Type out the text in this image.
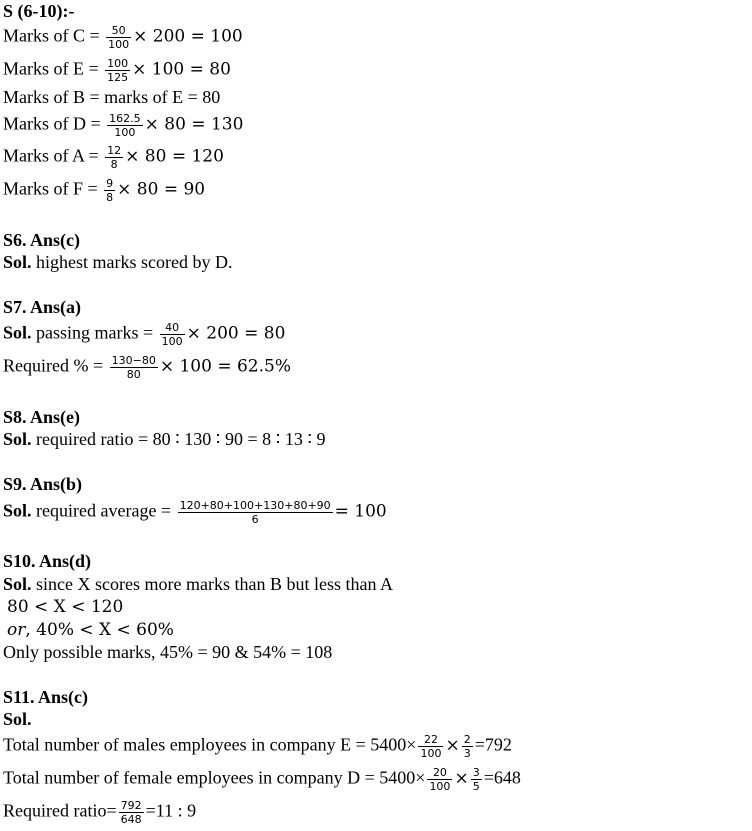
S (6-10):-
Marks of $C = \frac{50}{100} \times 200 = 100$
Marks of $E = \frac{100}{125} \times 100 = 80$
Marks of B = marks of E = 80
Marks of $D = \frac{162.5}{100} \times 80 = 130$
Marks of $A = \frac{12}{8} \times 80 = 120$
Marks of $F = \frac{9}{8} \times 80 = 90$
S6. Ans(c)
Sol. highest marks scored by D.
S7. Ans(a)
Sol. passing marks = $\frac{40}{100} \times 200 = 80$
Required % = $\frac{130-80}{80} \times 100 = 62.5\%$
S8. Ans(e)
Sol. required ratio = 80 ∶ 130 ∶ 90 = 8 ∶ 13 ∶ 9
S9. Ans(b)
Sol. required average = $\frac{120+80+100+130+80+90}{6} = 100$
S10. Ans(d)
Sol. since X scores more marks than B but less than A
80 < X < 120
or, 40% < X < 60%
Only possible marks, 45% = 90 & 54% = 108
S11. Ans(c)
Sol.
Total number of males employees in company $E = 5400\times \frac{22}{100} \times \frac{2}{3} =792$
Total number of female employees in company $D = 5400\times \frac{20}{100} \times \frac{3}{5} =648$
Required ratio= $\frac{792}{648} =11$ : 9
